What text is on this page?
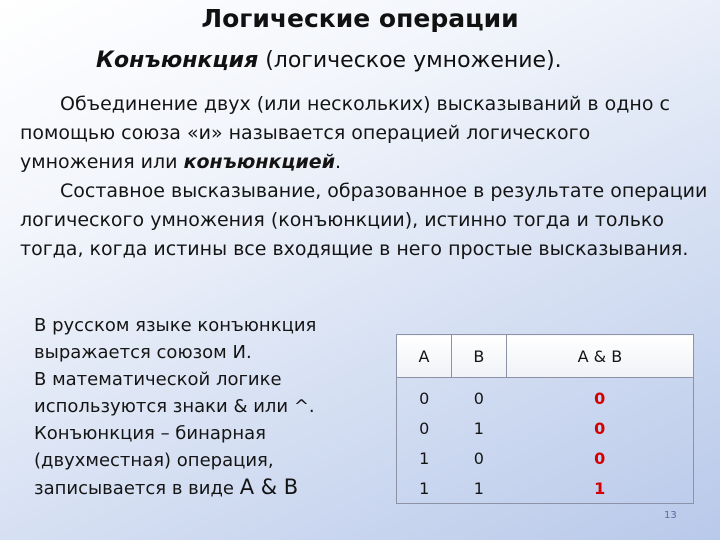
Логические операции
Конъюнкция (логическое умножение).

Объединение двух (или нескольких) высказываний в одно с помощью союза «и» называется операцией логического умножения или конъюнкцией.

Составное высказывание, образованное в результате операции логического умножения (конъюнкции), истинно тогда и только тогда, когда истины все входящие в него простые высказывания.

В русском языке конъюнкция
выражается союзом И.
В математической логике
используются знаки & или ^.
Конъюнкция – бинарная
(двухместная) операция,
записывается в виде А & В
А	В	А & В
0	0	0
0	1	0
1	0	0
1	1	1
13
